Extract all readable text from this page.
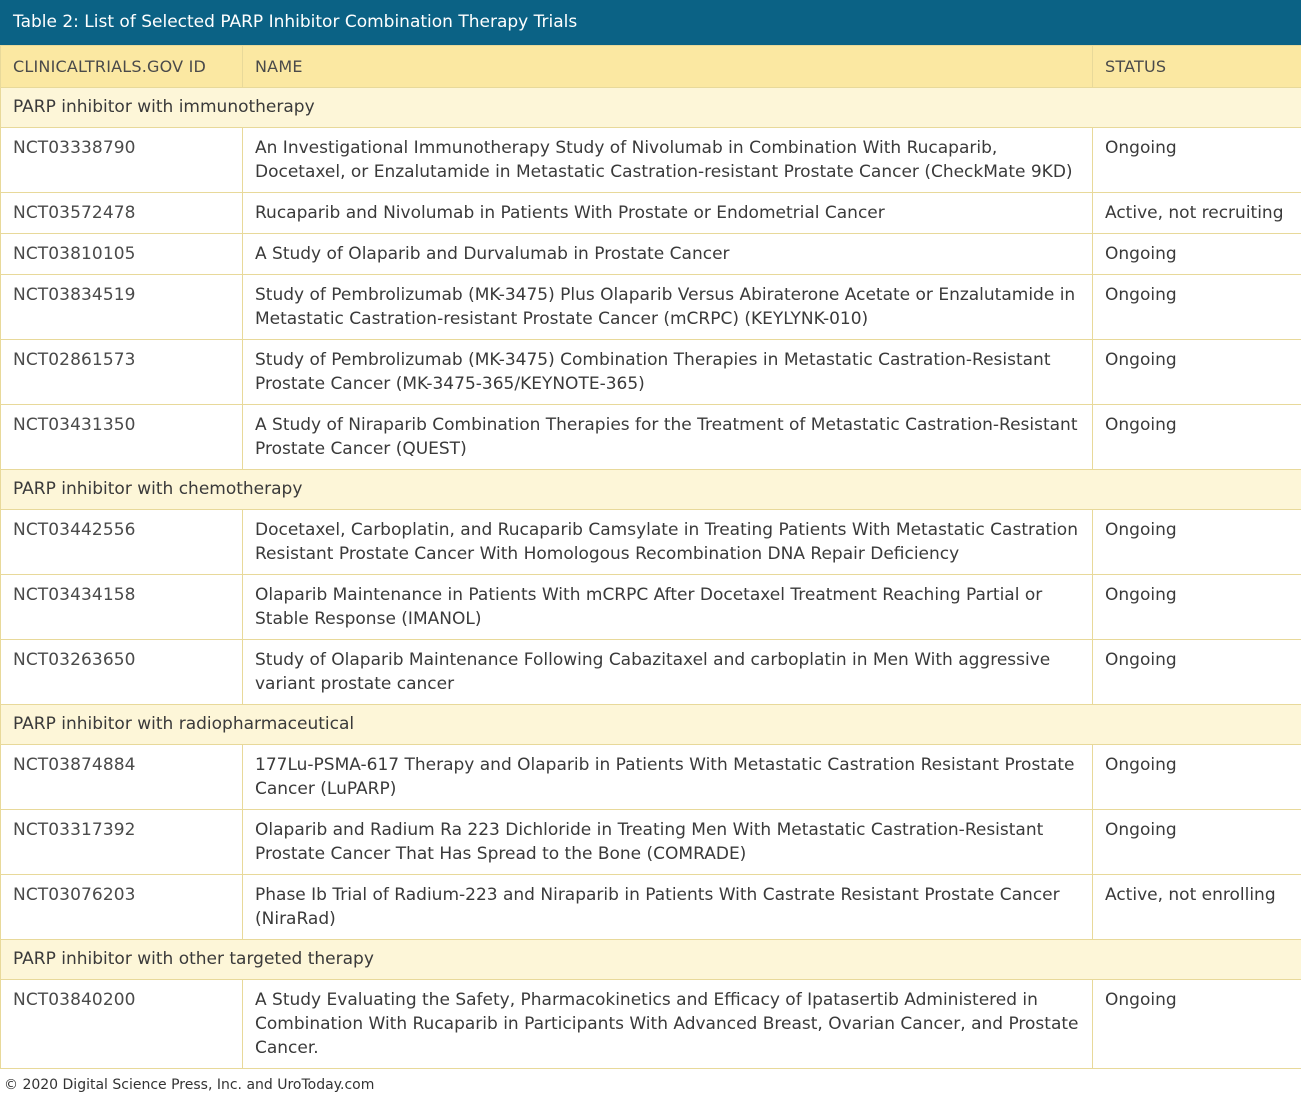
Table 2: List of Selected PARP Inhibitor Combination Therapy Trials
CLINICALTRIALS.GOV ID	NAME	STATUS
PARP inhibitor with immunotherapy		
NCT03338790	An Investigational Immunotherapy Study of Nivolumab in Combination With Rucaparib, Docetaxel, or Enzalutamide in Metastatic Castration-resistant Prostate Cancer (CheckMate 9KD)	Ongoing
NCT03572478	Rucaparib and Nivolumab in Patients With Prostate or Endometrial Cancer	Active, not recruiting
NCT03810105	A Study of Olaparib and Durvalumab in Prostate Cancer	Ongoing
NCT03834519	Study of Pembrolizumab (MK-3475) Plus Olaparib Versus Abiraterone Acetate or Enzalutamide in Metastatic Castration-resistant Prostate Cancer (mCRPC) (KEYLYNK-010)	Ongoing
NCT02861573	Study of Pembrolizumab (MK-3475) Combination Therapies in Metastatic Castration-Resistant Prostate Cancer (MK-3475-365/KEYNOTE-365)	Ongoing
NCT03431350	A Study of Niraparib Combination Therapies for the Treatment of Metastatic Castration-Resistant Prostate Cancer (QUEST)	Ongoing
PARP inhibitor with chemotherapy		
NCT03442556	Docetaxel, Carboplatin, and Rucaparib Camsylate in Treating Patients With Metastatic Castration Resistant Prostate Cancer With Homologous Recombination DNA Repair Deficiency	Ongoing
NCT03434158	Olaparib Maintenance in Patients With mCRPC After Docetaxel Treatment Reaching Partial or Stable Response (IMANOL)	Ongoing
NCT03263650	Study of Olaparib Maintenance Following Cabazitaxel and carboplatin in Men With aggressive variant prostate cancer	Ongoing
PARP inhibitor with radiopharmaceutical		
NCT03874884	177Lu-PSMA-617 Therapy and Olaparib in Patients With Metastatic Castration Resistant Prostate Cancer (LuPARP)	Ongoing
NCT03317392	Olaparib and Radium Ra 223 Dichloride in Treating Men With Metastatic Castration-Resistant Prostate Cancer That Has Spread to the Bone (COMRADE)	Ongoing
NCT03076203	Phase Ib Trial of Radium-223 and Niraparib in Patients With Castrate Resistant Prostate Cancer (NiraRad)	Active, not enrolling
PARP inhibitor with other targeted therapy		
NCT03840200	A Study Evaluating the Safety, Pharmacokinetics and Efficacy of Ipatasertib Administered in Combination With Rucaparib in Participants With Advanced Breast, Ovarian Cancer, and Prostate Cancer.	Ongoing
© 2020 Digital Science Press, Inc. and UroToday.com
